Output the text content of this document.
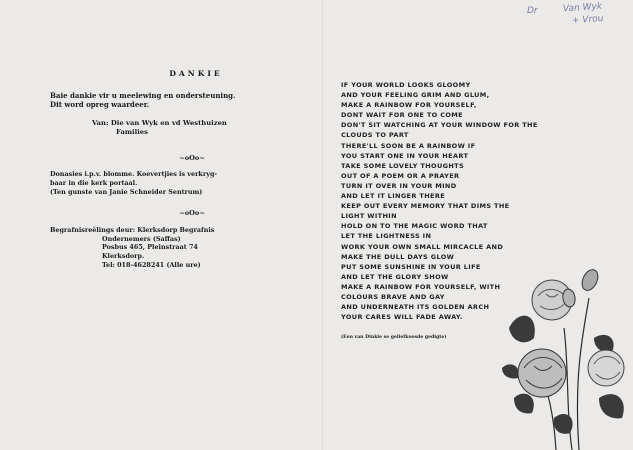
Dr	Van Wyk
+ Vrou
DANKIE
Baie dankie vir u meelewing en ondersteuning.
Dit word opreg waardeer.
Van: Die van Wyk en vd Westhuizen
Families
~oOo~
Donasies i.p.v. blomme. Koevertjies is verkryg-
baar in die kerk portaal.
(Ten gunste van Janie Schneider Sentrum)
~oOo~
Begrafnisreëlings deur: Klerksdorp Begrafnis
Ondernemers (Saffas)
Posbus 465, Pleinstraat 74
Klerksdorp.
Tel: 018-4628241 (Alle ure)
IF YOUR WORLD LOOKS GLOOMY
AND YOUR FEELING GRIM AND GLUM,
MAKE A RAINBOW FOR YOURSELF,
DONT WAIT FOR ONE TO COME
DON'T SIT WATCHING AT YOUR WINDOW FOR THE
CLOUDS TO PART
THERE'LL SOON BE A RAINBOW IF
YOU START ONE IN YOUR HEART
TAKE SOME LOVELY THOUGHTS
OUT OF A POEM OR A PRAYER
TURN IT OVER IN YOUR MIND
AND LET IT LINGER THERE
KEEP OUT EVERY MEMORY THAT DIMS THE
LIGHT WITHIN
HOLD ON TO THE MAGIC WORD THAT
LET THE LIGHTNESS IN
WORK YOUR OWN SMALL MIRCACLE AND
MAKE THE DULL DAYS GLOW
PUT SOME SUNSHINE IN YOUR LIFE
AND LET THE GLORY SHOW
MAKE A RAINBOW FOR YOURSELF, WITH
COLOURS BRAVE AND GAY
AND UNDERNEATH ITS GOLDEN ARCH
YOUR CARES WILL FADE AWAY.
(Een van Dinkie se geliefkoosde gedigte)
